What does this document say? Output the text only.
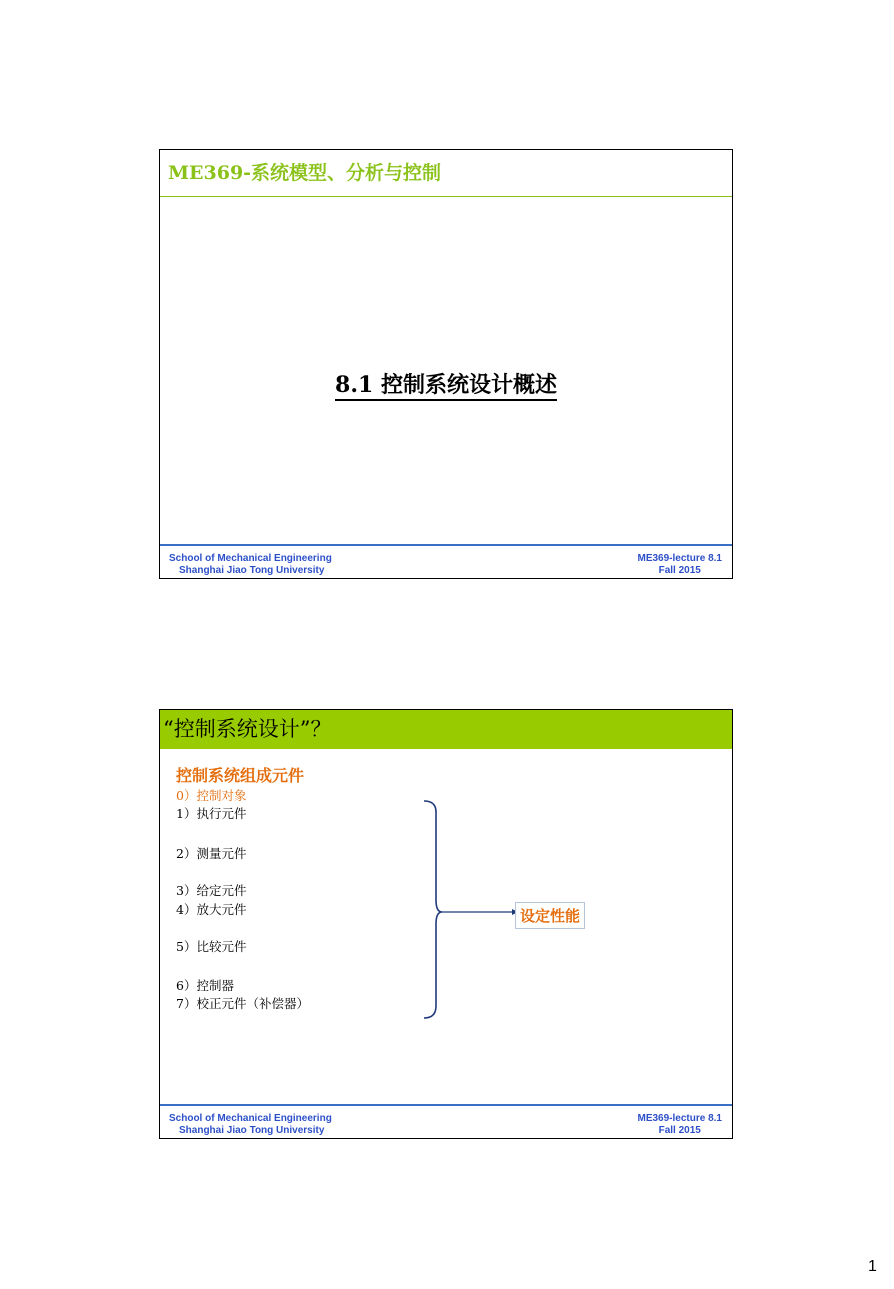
ME369-系统模型、分析与控制
8.1 控制系统设计概述
School of Mechanical Engineering
Shanghai Jiao Tong University
ME369-lecture 8.1
Fall 2015
“控制系统设计”？
控制系统组成元件
0）控制对象
1）执行元件
2）测量元件
3）给定元件
4）放大元件
5）比较元件
6）控制器
7）校正元件（补偿器）
设定性能
School of Mechanical Engineering
Shanghai Jiao Tong University
ME369-lecture 8.1
Fall 2015
1
